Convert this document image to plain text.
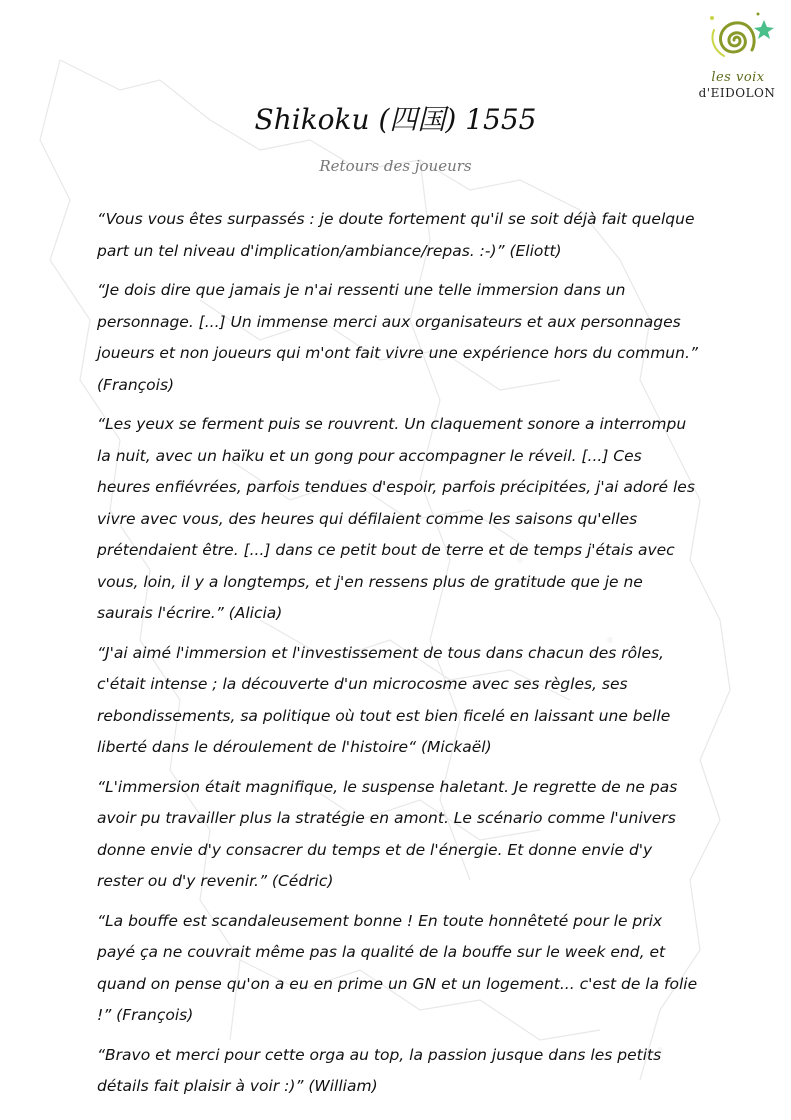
les voix
d'EIDOLON
Shikoku (四国) 1555
Retours des joueurs

“Vous vous êtes surpassés : je doute fortement qu'il se soit déjà fait quelque part un tel niveau d'implication/ambiance/repas. :-)” (Eliott)

“Je dois dire que jamais je n'ai ressenti une telle immersion dans un personnage. [...] Un immense merci aux organisateurs et aux personnages joueurs et non joueurs qui m'ont fait vivre une expérience hors du commun.” (François)

“Les yeux se ferment puis se rouvrent. Un claquement sonore a interrompu la nuit, avec un haïku et un gong pour accompagner le réveil. [...] Ces heures enfiévrées, parfois tendues d'espoir, parfois précipitées, j'ai adoré les vivre avec vous, des heures qui défilaient comme les saisons qu'elles prétendaient être. [...] dans ce petit bout de terre et de temps j'étais avec vous, loin, il y a longtemps, et j'en ressens plus de gratitude que je ne saurais l'écrire.” (Alicia)

“J'ai aimé l'immersion et l'investissement de tous dans chacun des rôles, c'était intense ; la découverte d'un microcosme avec ses règles, ses rebondissements, sa politique où tout est bien ficelé en laissant une belle liberté dans le déroulement de l'histoire“ (Mickaël)

“L'immersion était magnifique, le suspense haletant. Je regrette de ne pas avoir pu travailler plus la stratégie en amont. Le scénario comme l'univers donne envie d'y consacrer du temps et de l'énergie. Et donne envie d'y rester ou d'y revenir.” (Cédric)

“La bouffe est scandaleusement bonne ! En toute honnêteté pour le prix payé ça ne couvrait même pas la qualité de la bouffe sur le week end, et quand on pense qu'on a eu en prime un GN et un logement... c'est de la folie !” (François)

“Bravo et merci pour cette orga au top, la passion jusque dans les petits détails fait plaisir à voir :)” (William)
